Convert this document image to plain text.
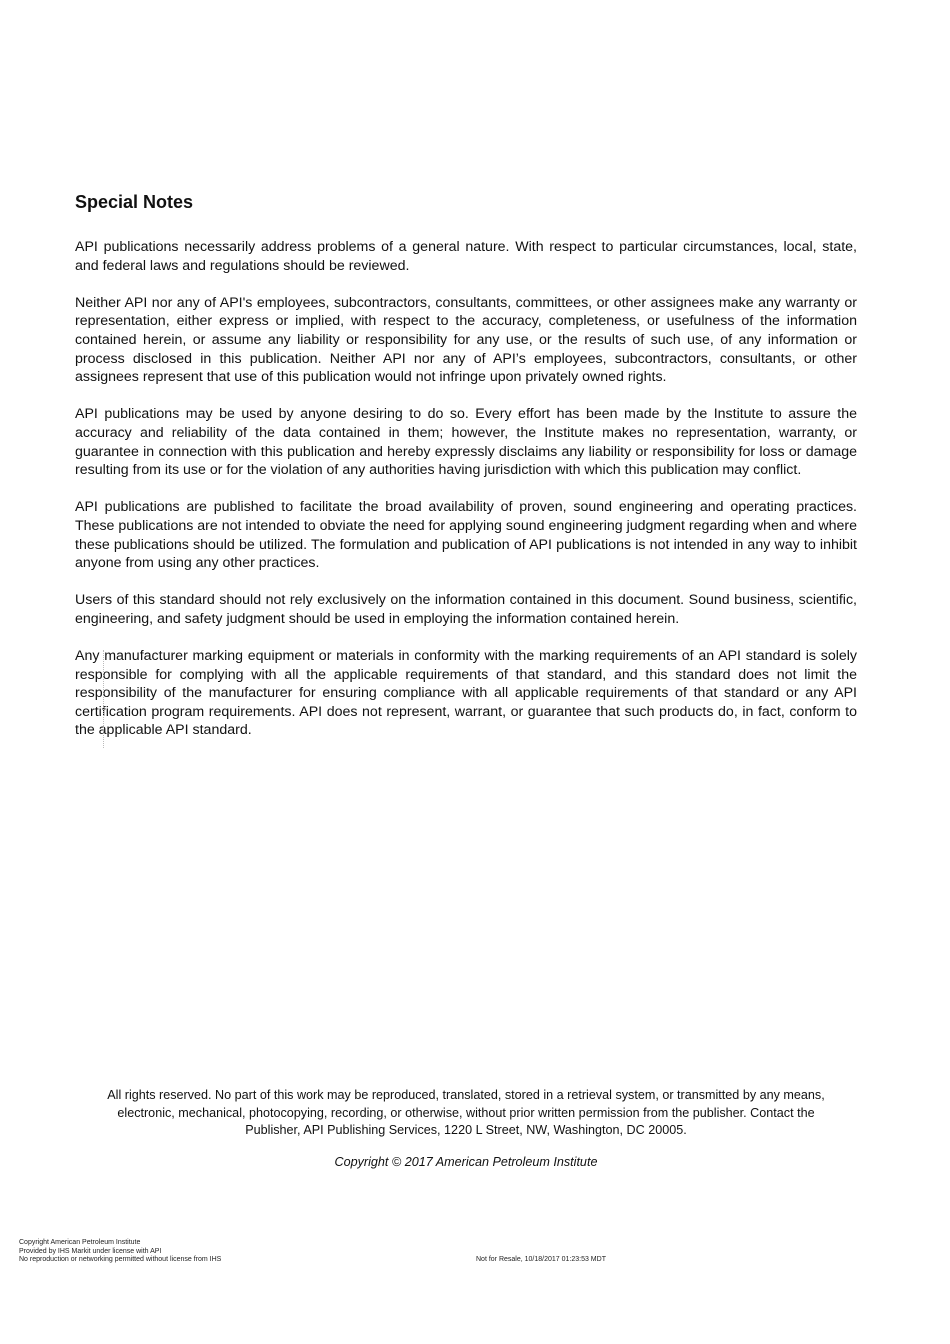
Special Notes

API publications necessarily address problems of a general nature. With respect to particular circumstances, local, state, and federal laws and regulations should be reviewed.

Neither API nor any of API's employees, subcontractors, consultants, committees, or other assignees make any warranty or representation, either express or implied, with respect to the accuracy, completeness, or usefulness of the information contained herein, or assume any liability or responsibility for any use, or the results of such use, of any information or process disclosed in this publication. Neither API nor any of API’s employees, subcontractors, consultants, or other assignees represent that use of this publication would not infringe upon privately owned rights.

API publications may be used by anyone desiring to do so. Every effort has been made by the Institute to assure the accuracy and reliability of the data contained in them; however, the Institute makes no representation, warranty, or guarantee in connection with this publication and hereby expressly disclaims any liability or responsibility for loss or damage resulting from its use or for the violation of any authorities having jurisdiction with which this publication may conflict.

API publications are published to facilitate the broad availability of proven, sound engineering and operating practices. These publications are not intended to obviate the need for applying sound engineering judgment regarding when and where these publications should be utilized. The formulation and publication of API publications is not intended in any way to inhibit anyone from using any other practices.

Users of this standard should not rely exclusively on the information contained in this document. Sound business, scientific, engineering, and safety judgment should be used in employing the information contained herein.

Any manufacturer marking equipment or materials in conformity with the marking requirements of an API standard is solely responsible for complying with all the applicable requirements of that standard, and this standard does not limit the responsibility of the manufacturer for ensuring compliance with all applicable requirements of that standard or any API certification program requirements. API does not represent, warrant, or guarantee that such products do, in fact, conform to the applicable API standard.

All rights reserved. No part of this work may be reproduced, translated, stored in a retrieval system, or transmitted by any means,
electronic, mechanical, photocopying, recording, or otherwise, without prior written permission from the publisher. Contact the
Publisher, API Publishing Services, 1220 L Street, NW, Washington, DC 20005.
Copyright © 2017 American Petroleum Institute
Copyright American Petroleum Institute
Provided by IHS Markit under license with API
No reproduction or networking permitted without license from IHS	Not for Resale, 10/18/2017 01:23:53 MDT
